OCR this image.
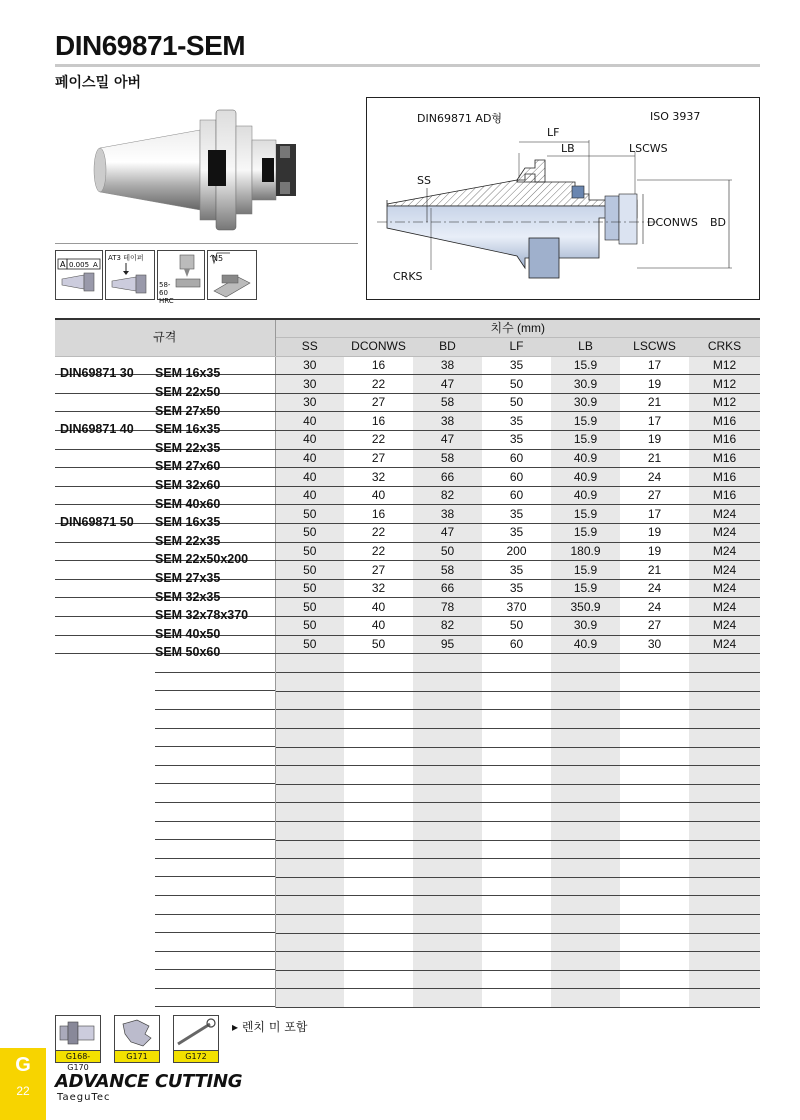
DIN69871-SEM
페이스밀 아버
A 0.005 A
AT3 테이퍼
58-60 HRC
N5
DIN69871 AD형	ISO 3937
LF
LB	LSCWS
SS
DCONWS BD
CRKS
규격	치수 (mm)						
	SS	DCONWS	BD	LF	LB	LSCWS	CRKS

DIN69871 30 SEM 16x35	30	16	38	35	15.9	17	M12

SEM 22x50	30	22	47	50	30.9	19	M12

SEM 27x50	30	27	58	50	30.9	21	M12

DIN69871 40 SEM 16x35	40	16	38	35	15.9	17	M16

SEM 22x35	40	22	47	35	15.9	19	M16

SEM 27x60	40	27	58	60	40.9	21	M16

SEM 32x60	40	32	66	60	40.9	24	M16

SEM 40x60	40	40	82	60	40.9	27	M16

DIN69871 50 SEM 16x35	50	16	38	35	15.9	17	M24

SEM 22x35	50	22	47	35	15.9	19	M24

SEM 22x50x200	50	22	50	200	180.9	19	M24

SEM 27x35	50	27	58	35	15.9	21	M24

SEM 32x35	50	32	66	35	15.9	24	M24

SEM 32x78x370	50	40	78	370	350.9	24	M24

SEM 40x50	50	40	82	50	30.9	27	M24

SEM 50x60	50	50	95	60	40.9	30	M24

G168-G170
G171	G172
▸ 렌치 미 포함
G
22	ADVANCE CUTTING
TaeguTec
